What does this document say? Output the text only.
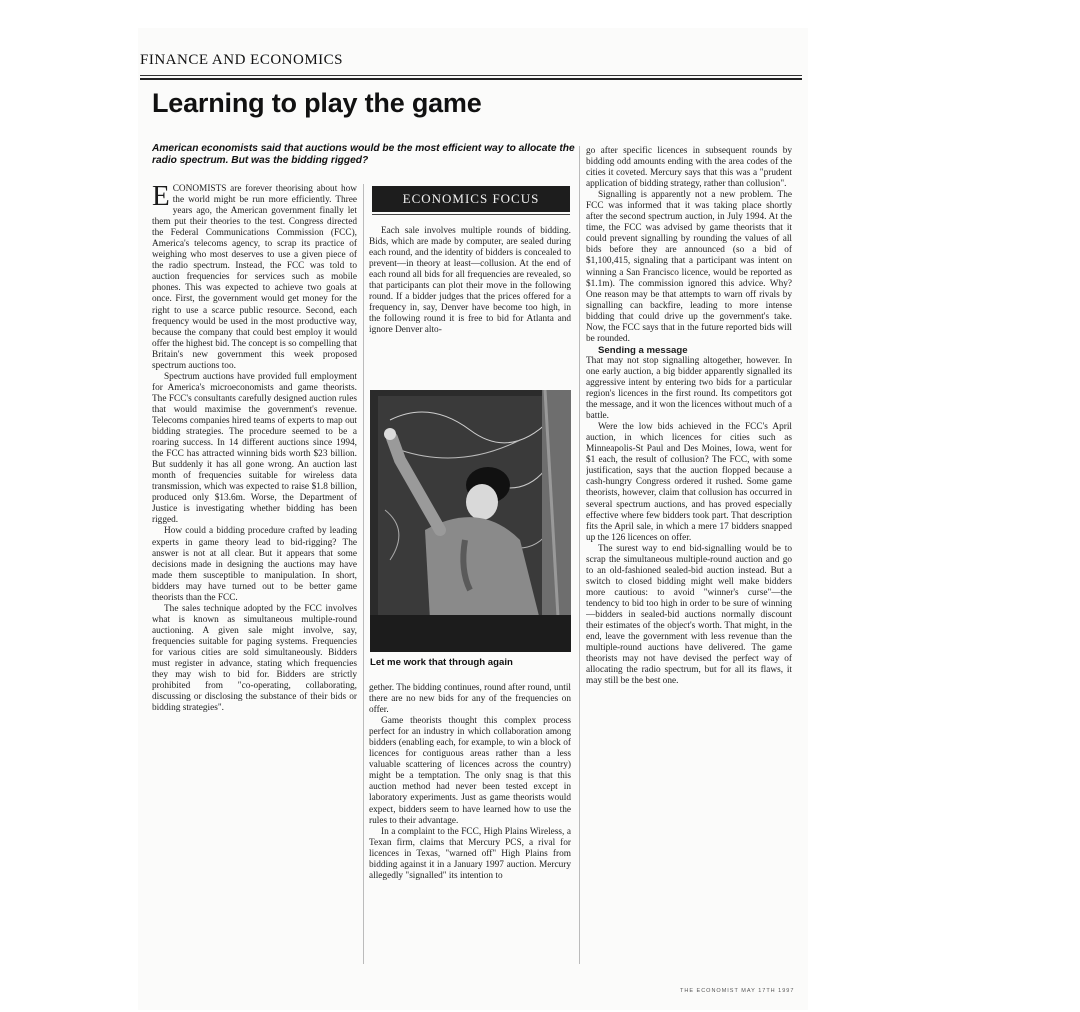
FINANCE AND ECONOMICS
Learning to play the game
American economists said that auctions would be the most efficient way to allocate the radio spectrum. But was the bidding rigged?

ECONOMISTS are forever theorising about how the world might be run more efficiently. Three years ago, the American government finally let them put their theories to the test. Congress directed the Federal Communications Commission (FCC), America's telecoms agency, to scrap its practice of weighing who most deserves to use a given piece of the radio spectrum. Instead, the FCC was told to auction frequencies for services such as mobile phones. This was expected to achieve two goals at once. First, the government would get money for the right to use a scarce public resource. Second, each frequency would be used in the most productive way, because the company that could best employ it would offer the highest bid. The concept is so compelling that Britain's new government this week proposed spectrum auctions too.

Spectrum auctions have provided full employment for America's microeconomists and game theorists. The FCC's consultants carefully designed auction rules that would maximise the government's revenue. Telecoms companies hired teams of experts to map out bidding strategies. The procedure seemed to be a roaring success. In 14 different auctions since 1994, the FCC has attracted winning bids worth $23 billion. But suddenly it has all gone wrong. An auction last month of frequencies suitable for wireless data transmission, which was expected to raise $1.8 billion, produced only $13.6m. Worse, the Department of Justice is investigating whether bidding has been rigged.

How could a bidding procedure crafted by leading experts in game theory lead to bid-rigging? The answer is not at all clear. But it appears that some decisions made in designing the auctions may have made them susceptible to manipulation. In short, bidders may have turned out to be better game theorists than the FCC.

The sales technique adopted by the FCC involves what is known as simultaneous multiple-round auctioning. A given sale might involve, say, frequencies suitable for paging systems. Frequencies for various cities are sold simultaneously. Bidders must register in advance, stating which frequencies they may wish to bid for. Bidders are strictly prohibited from "co-operating, collaborating, discussing or disclosing the substance of their bids or bidding strategies".

ECONOMICS FOCUS

Each sale involves multiple rounds of bidding. Bids, which are made by computer, are sealed during each round, and the identity of bidders is concealed to prevent—in theory at least—collusion. At the end of each round all bids for all frequencies are revealed, so that participants can plot their move in the following round. If a bidder judges that the prices offered for a frequency in, say, Denver have become too high, in the following round it is free to bid for Atlanta and ignore Denver alto-

Let me work that through again

gether. The bidding continues, round after round, until there are no new bids for any of the frequencies on offer.

Game theorists thought this complex process perfect for an industry in which collaboration among bidders (enabling each, for example, to win a block of licences for contiguous areas rather than a less valuable scattering of licences across the country) might be a temptation. The only snag is that this auction method had never been tested except in laboratory experiments. Just as game theorists would expect, bidders seem to have learned how to use the rules to their advantage.

In a complaint to the FCC, High Plains Wireless, a Texan firm, claims that Mercury PCS, a rival for licences in Texas, "warned off" High Plains from bidding against it in a January 1997 auction. Mercury allegedly "signalled" its intention to

go after specific licences in subsequent rounds by bidding odd amounts ending with the area codes of the cities it coveted. Mercury says that this was a "prudent application of bidding strategy, rather than collusion".

Signalling is apparently not a new problem. The FCC was informed that it was taking place shortly after the second spectrum auction, in July 1994. At the time, the FCC was advised by game theorists that it could prevent signalling by rounding the values of all bids before they are announced (so a bid of $1,100,415, signaling that a participant was intent on winning a San Francisco licence, would be reported as $1.1m). The commission ignored this advice. Why? One reason may be that attempts to warn off rivals by signalling can backfire, leading to more intense bidding that could drive up the government's take. Now, the FCC says that in the future reported bids will be rounded.

Sending a message

That may not stop signalling altogether, however. In one early auction, a big bidder apparently signalled its aggressive intent by entering two bids for a particular region's licences in the first round. Its competitors got the message, and it won the licences without much of a battle.

Were the low bids achieved in the FCC's April auction, in which licences for cities such as Minneapolis-St Paul and Des Moines, Iowa, went for $1 each, the result of collusion? The FCC, with some justification, says that the auction flopped because a cash-hungry Congress ordered it rushed. Some game theorists, however, claim that collusion has occurred in several spectrum auctions, and has proved especially effective where few bidders took part. That description fits the April sale, in which a mere 17 bidders snapped up the 126 licences on offer.

The surest way to end bid-signalling would be to scrap the simultaneous multiple-round auction and go to an old-fashioned sealed-bid auction instead. But a switch to closed bidding might well make bidders more cautious: to avoid "winner's curse"—the tendency to bid too high in order to be sure of winning—bidders in sealed-bid auctions normally discount their estimates of the object's worth. That might, in the end, leave the government with less revenue than the multiple-round auctions have delivered. The game theorists may not have devised the perfect way of allocating the radio spectrum, but for all its flaws, it may still be the best one.

THE ECONOMIST MAY 17TH 1997
